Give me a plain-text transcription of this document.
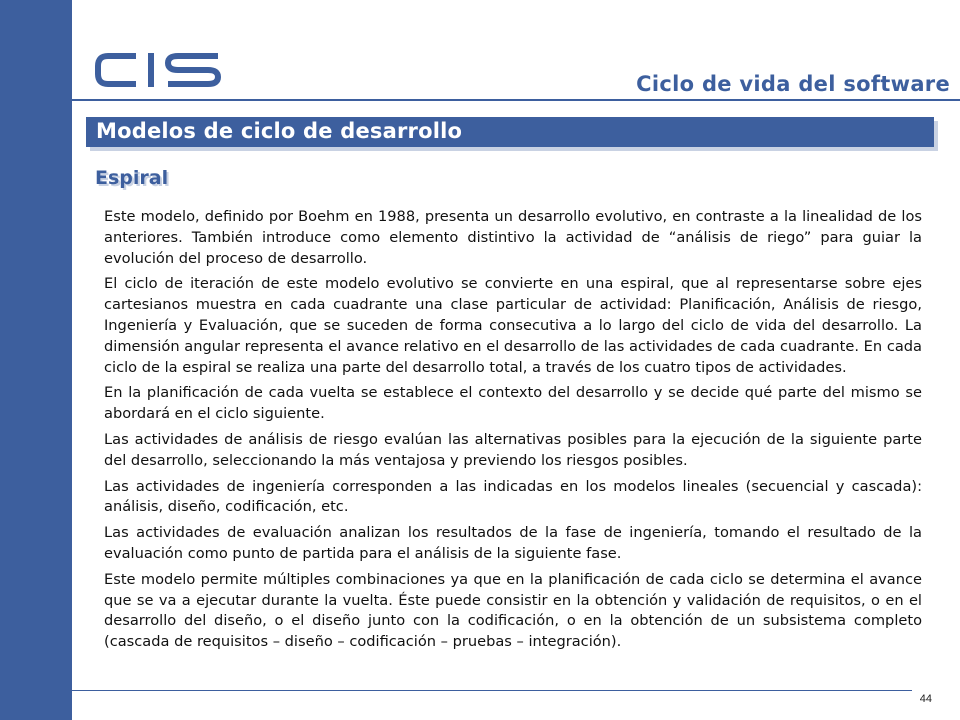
Ciclo de vida del software
Modelos de ciclo de desarrollo
Espiral

Este modelo, definido por Boehm en 1988, presenta un desarrollo evolutivo, en contraste a la linealidad de los anteriores. También introduce como elemento distintivo la actividad de “análisis de riego” para guiar la evolución del proceso de desarrollo.

El ciclo de iteración de este modelo evolutivo se convierte en una espiral, que al representarse sobre ejes cartesianos muestra en cada cuadrante una clase particular de actividad: Planificación, Análisis de riesgo, Ingeniería y Evaluación, que se suceden de forma consecutiva a lo largo del ciclo de vida del desarrollo. La dimensión angular representa el avance relativo en el desarrollo de las actividades de cada cuadrante. En cada ciclo de la espiral se realiza una parte del desarrollo total, a través de los cuatro tipos de actividades.

En la planificación de cada vuelta se establece el contexto del desarrollo y se decide qué parte del mismo se abordará en el ciclo siguiente.

Las actividades de análisis de riesgo evalúan las alternativas posibles para la ejecución de la siguiente parte del desarrollo, seleccionando la más ventajosa y previendo los riesgos posibles.

Las actividades de ingeniería corresponden a las indicadas en los modelos lineales (secuencial y cascada): análisis, diseño, codificación, etc.

Las actividades de evaluación analizan los resultados de la fase de ingeniería, tomando el resultado de la evaluación como punto de partida para el análisis de la siguiente fase.

Este modelo permite múltiples combinaciones ya que en la planificación de cada ciclo se determina el avance que se va a ejecutar durante la vuelta. Éste puede consistir en la obtención y validación de requisitos, o en el desarrollo del diseño, o el diseño junto con la codificación, o en la obtención de un subsistema completo (cascada de requisitos – diseño – codificación – pruebas – integración).

44
